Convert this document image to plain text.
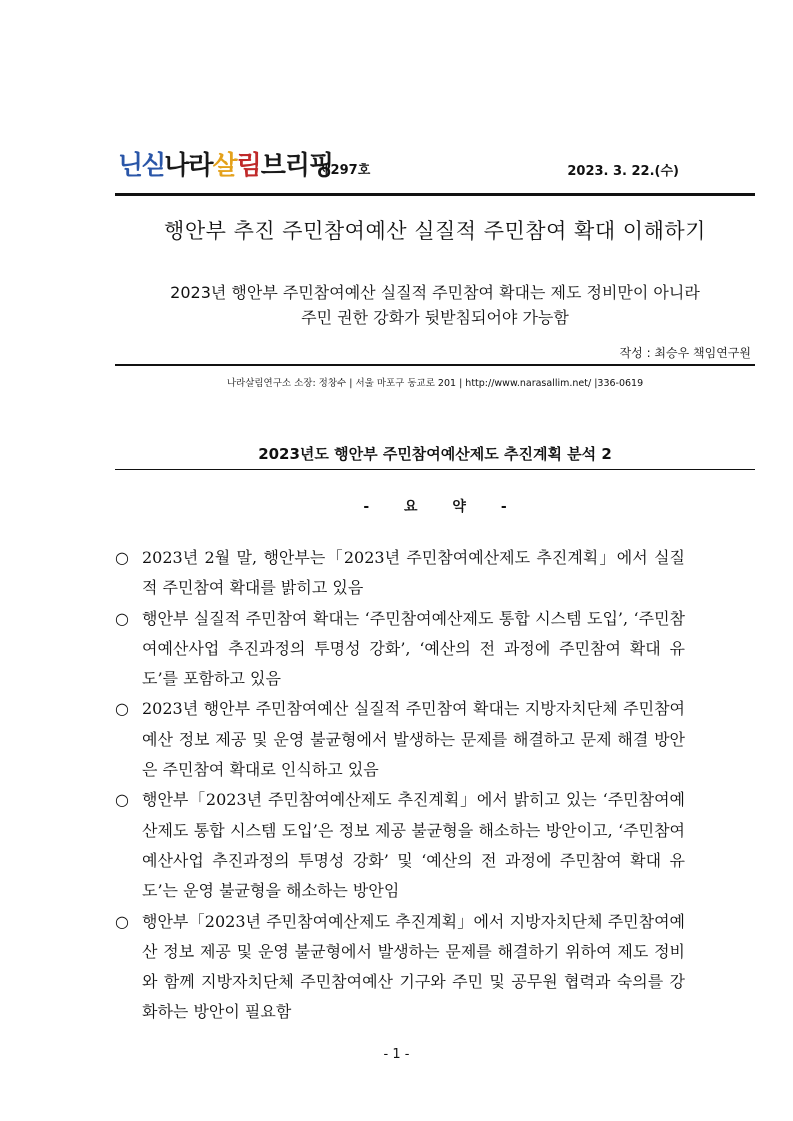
닌싣 나라살림브리핑
제297호	2023. 3. 22.(수)
행안부 추진 주민참여예산 실질적 주민참여 확대 이해하기
2023년 행안부 주민참여예산 실질적 주민참여 확대는 제도 정비만이 아니라
주민 권한 강화가 뒷받침되어야 가능함
작성 : 최승우 책임연구원
나라살림연구소 소장: 정창수 | 서울 마포구 동교로 201 | http://www.narasallim.net/ |336-0619
2023년도 행안부 주민참여예산제도 추진계획 분석 2
- 요 약 -
○ 2023년 2월 말, 행안부는「2023년 주민참여예산제도 추진계획」에서 실질적 주민참여 확대를 밝히고 있음
○ 행안부 실질적 주민참여 확대는 ‘주민참여예산제도 통합 시스템 도입’, ‘주민참여예산사업 추진과정의 투명성 강화’, ‘예산의 전 과정에 주민참여 확대 유도’를 포함하고 있음
○ 2023년 행안부 주민참여예산 실질적 주민참여 확대는 지방자치단체 주민참여예산 정보 제공 및 운영 불균형에서 발생하는 문제를 해결하고 문제 해결 방안은 주민참여 확대로 인식하고 있음
○ 행안부「2023년 주민참여예산제도 추진계획」에서 밝히고 있는 ‘주민참여예산제도 통합 시스템 도입’은 정보 제공 불균형을 해소하는 방안이고, ‘주민참여예산사업 추진과정의 투명성 강화’ 및 ‘예산의 전 과정에 주민참여 확대 유도’는 운영 불균형을 해소하는 방안임
○ 행안부「2023년 주민참여예산제도 추진계획」에서 지방자치단체 주민참여예산 정보 제공 및 운영 불균형에서 발생하는 문제를 해결하기 위하여 제도 정비와 함께 지방자치단체 주민참여예산 기구와 주민 및 공무원 협력과 숙의를 강화하는 방안이 필요함
- 1 -
